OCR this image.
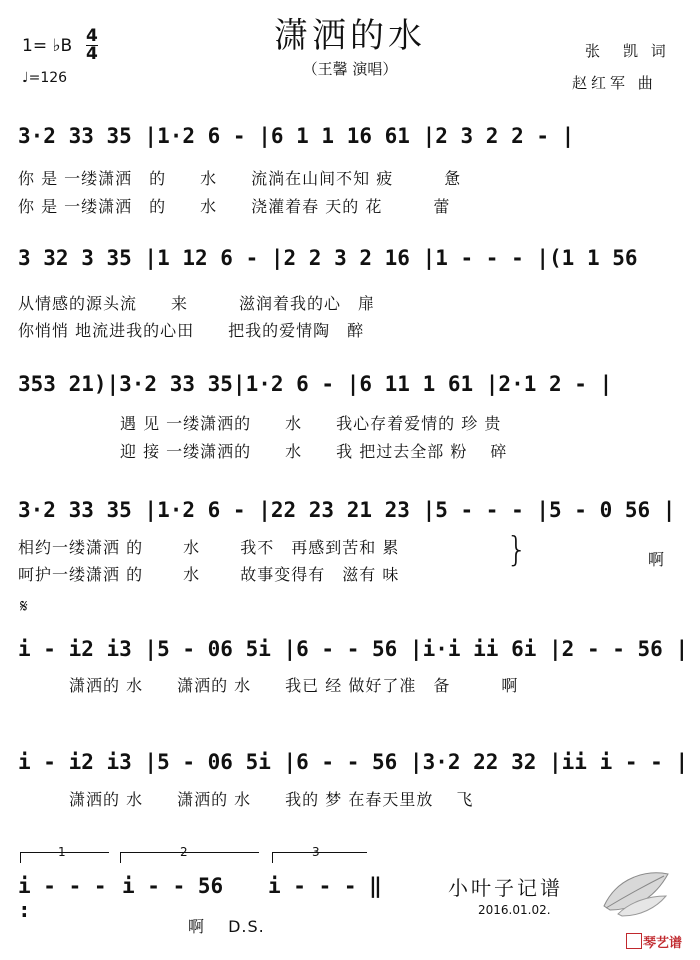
潇洒的水
（王馨 演唱）
1= ♭B 4
4
♩=126
张　凯 词
赵红军 曲
3·2 33 35 |1·2 6 - |6 1 1 16 61 |2 3 2 2 - |
你 是 一缕潇洒　的　　水　　流淌在山间不知 疲　　　惫
你 是 一缕潇洒　的　　水　　浇灌着春 天的 花　　　蕾
3 32 3 35 |1 12 6 - |2 2 3 2 16 |1 - - - |(1 1 56
从情感的源头流　　来　　　滋润着我的心　扉
你悄悄 地流进我的心田　　把我的爱情陶　醉
353 21)|3·2 33 35|1·2 6 - |6 11 1 61 |2·1 2 - |
　　　　　　遇 见 一缕潇洒的　　水　　我心存着爱情的 珍 贵
　　　　　　迎 接 一缕潇洒的　　水　　我 把过去全部 粉　 碎
3·2 33 35 |1·2 6 - |22 23 21 23 |5 - - - |5 - 0 56 |
相约一缕潇洒 的　　 水　　 我不　再感到苦和 累
呵护一缕潇洒 的　　 水　　 故事变得有　滋有 味
}	啊
𝄋
i - i2 i3 |5 - 06 5i |6 - - 56 |i·i ii 6i |2 - - 56 |
　　　潇洒的 水　　潇洒的 水　　我已 经 做好了准　备　　　啊
i - i2 i3 |5 - 06 5i |6 - - 56 |3·2 22 32 |ii i - - |
　　　潇洒的 水　　潇洒的 水　　我的 梦 在春天里放　 飞
1	2	3
i - - - :
i - - 56	i - - - ‖
啊　 D.S.
小叶子记谱
2016.01.02.
琴艺谱
